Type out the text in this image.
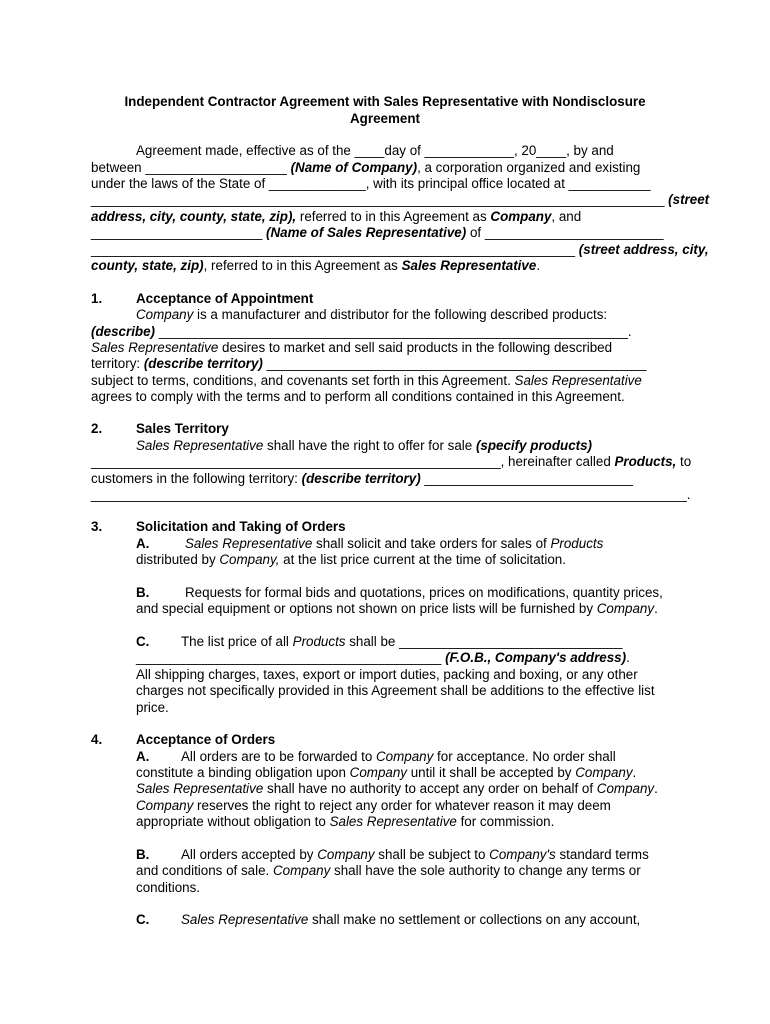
Independent Contractor Agreement with Sales Representative with Nondisclosure
Agreement
Agreement made, effective as of the ____day of ____________, 20____, by and
between ___________________ (Name of Company), a corporation organized and existing
under the laws of the State of _____________, with its principal office located at ___________
_____________________________________________________________________________ (street
address, city, county, state, zip), referred to in this Agreement as Company, and
_______________________ (Name of Sales Representative) of ________________________
_________________________________________________________________ (street address, city,
county, state, zip), referred to in this Agreement as Sales Representative.
1.	Acceptance of Appointment
Company is a manufacturer and distributor for the following described products:
(describe) _______________________________________________________________.
Sales Representative desires to market and sell said products in the following described
territory: (describe territory) ___________________________________________________
subject to terms, conditions, and covenants set forth in this Agreement. Sales Representative
agrees to comply with the terms and to perform all conditions contained in this Agreement.
2.	Sales Territory
Sales Representative shall have the right to offer for sale (specify products)
_______________________________________________________, hereinafter called Products, to
customers in the following territory: (describe territory) ____________________________
________________________________________________________________________________.
3.	Solicitation and Taking of Orders
A.	Sales Representative shall solicit and take orders for sales of Products
distributed by Company, at the list price current at the time of solicitation.
B.	Requests for formal bids and quotations, prices on modifications, quantity prices,
and special equipment or options not shown on price lists will be furnished by Company.
C. The list price of all Products shall be ______________________________
_________________________________________ (F.O.B., Company's address).
All shipping charges, taxes, export or import duties, packing and boxing, or any other
charges not specifically provided in this Agreement shall be additions to the effective list
price.
4.	Acceptance of Orders
A. All orders are to be forwarded to Company for acceptance. No order shall
constitute a binding obligation upon Company until it shall be accepted by Company.
Sales Representative shall have no authority to accept any order on behalf of Company.
Company reserves the right to reject any order for whatever reason it may deem
appropriate without obligation to Sales Representative for commission.
B. All orders accepted by Company shall be subject to Company's standard terms
and conditions of sale. Company shall have the sole authority to change any terms or
conditions.
C. Sales Representative shall make no settlement or collections on any account,
